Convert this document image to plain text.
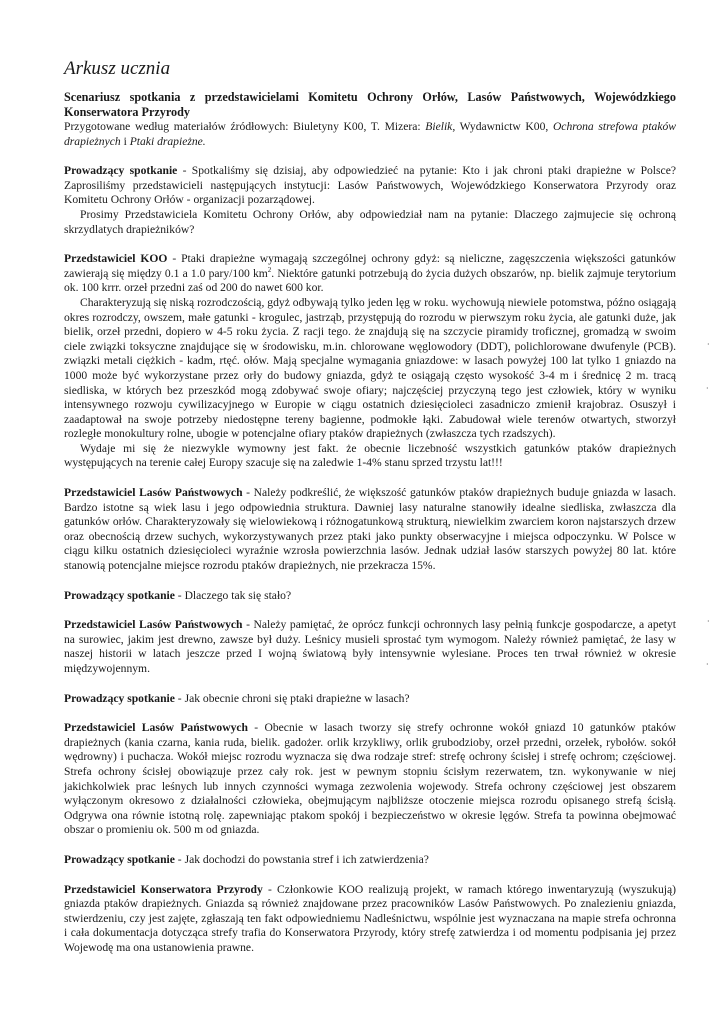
Arkusz ucznia

Scenariusz spotkania z przedstawicielami Komitetu Ochrony Orłów, Lasów Państwowych, Wojewódzkiego Konserwatora Przyrody

Przygotowane według materiałów źródłowych: Biuletyny K00, T. Mizera: Bielik, Wydawnictw K00, Ochrona strefowa ptaków drapieżnych i Ptaki drapieżne.

Prowadzący spotkanie - Spotkaliśmy się dzisiaj, aby odpowiedzieć na pytanie: Kto i jak chroni ptaki drapieżne w Polsce? Zaprosiliśmy przedstawicieli następujących instytucji: Lasów Państwowych, Wojewódzkiego Konserwatora Przyrody oraz Komitetu Ochrony Orłów - organizacji pozarządowej.

Prosimy Przedstawiciela Komitetu Ochrony Orłów, aby odpowiedział nam na pytanie: Dlaczego zajmujecie się ochroną skrzydlatych drapieżników?

Przedstawiciel KOO - Ptaki drapieżne wymagają szczególnej ochrony gdyż: są nieliczne, zagęszczenia większości gatunków zawierają się między 0.1 a 1.0 pary/100 $km^2$. Niektóre gatunki potrzebują do życia dużych obszarów, np. bielik zajmuje terytorium ok. 100 krrr. orzeł przedni zaś od 200 do nawet 600 kor.

Charakteryzują się niską rozrodczością, gdyż odbywają tylko jeden lęg w roku. wychowują niewiele potomstwa, późno osiągają okres rozrodczy, owszem, małe gatunki - krogulec, jastrząb, przystępują do rozrodu w pierwszym roku życia, ale gatunki duże, jak bielik, orzeł przedni, dopiero w 4-5 roku życia. Z racji tego. że znajdują się na szczycie piramidy troficznej, gromadzą w swoim ciele związki toksyczne znajdujące się w środowisku, m.in. chlorowane węglowodory (DDT), polichlorowane dwufenyle (PCB). związki metali ciężkich - kadm, rtęć. ołów. Mają specjalne wymagania gniazdowe: w lasach powyżej 100 lat tylko 1 gniazdo na 1000 może być wykorzystane przez orły do budowy gniazda, gdyż te osiągają często wysokość 3-4 m i średnicę 2 m. tracą siedliska, w których bez przeszkód mogą zdobywać swoje ofiary; najczęściej przyczyną tego jest człowiek, który w wyniku intensywnego rozwoju cywilizacyjnego w Europie w ciągu ostatnich dziesięcioleci zasadniczo zmienił krajobraz. Osuszył i zaadaptował na swoje potrzeby niedostępne tereny bagienne, podmokłe łąki. Zabudował wiele terenów otwartych, stworzył rozległe monokultury rolne, ubogie w potencjalne ofiary ptaków drapieżnych (zwłaszcza tych rzadszych).

Wydaje mi się że niezwykle wymowny jest fakt. że obecnie liczebność wszystkich gatunków ptaków drapieżnych występujących na terenie całej Europy szacuje się na zaledwie 1-4% stanu sprzed trzystu lat!!!

Przedstawiciel Lasów Państwowych - Należy podkreślić, że większość gatunków ptaków drapieżnych buduje gniazda w lasach. Bardzo istotne są wiek lasu i jego odpowiednia struktura. Dawniej lasy naturalne stanowiły idealne siedliska, zwłaszcza dla gatunków orłów. Charakteryzowały się wielowiekową i różnogatunkową strukturą, niewielkim zwarciem koron najstarszych drzew oraz obecnością drzew suchych, wykorzystywanych przez ptaki jako punkty obserwacyjne i miejsca odpoczynku. W Polsce w ciągu kilku ostatnich dziesięcioleci wyraźnie wzrosła powierzchnia lasów. Jednak udział lasów starszych powyżej 80 lat. które stanowią potencjalne miejsce rozrodu ptaków drapieżnych, nie przekracza 15%.

Prowadzący spotkanie - Dlaczego tak się stało?

Przedstawiciel Lasów Państwowych - Należy pamiętać, że oprócz funkcji ochronnych lasy pełnią funkcje gospodarcze, a apetyt na surowiec, jakim jest drewno, zawsze był duży. Leśnicy musieli sprostać tym wymogom. Należy również pamiętać, że lasy w naszej historii w latach jeszcze przed I wojną światową były intensywnie wylesiane. Proces ten trwał również w okresie międzywojennym.

Prowadzący spotkanie - Jak obecnie chroni się ptaki drapieżne w lasach?

Przedstawiciel Lasów Państwowych - Obecnie w lasach tworzy się strefy ochronne wokół gniazd 10 gatunków ptaków drapieżnych (kania czarna, kania ruda, bielik. gadożer. orlik krzykliwy, orlik grubodzioby, orzeł przedni, orzełek, rybołów. sokół wędrowny) i puchacza. Wokół miejsc rozrodu wyznacza się dwa rodzaje stref: strefę ochrony ścisłej i strefę ochrom; częściowej. Strefa ochrony ścisłej obowiązuje przez cały rok. jest w pewnym stopniu ścisłym rezerwatem, tzn. wykonywanie w niej jakichkolwiek prac leśnych lub innych czynności wymaga zezwolenia wojewody. Strefa ochrony częściowej jest obszarem wyłączonym okresowo z działalności człowieka, obejmującym najbliższe otoczenie miejsca rozrodu opisanego strefą ścisłą. Odgrywa ona równie istotną rolę. zapewniając ptakom spokój i bezpieczeństwo w okresie lęgów. Strefa ta powinna obejmować obszar o promieniu ok. 500 m od gniazda.

Prowadzący spotkanie - Jak dochodzi do powstania stref i ich zatwierdzenia?

Przedstawiciel Konserwatora Przyrody - Członkowie KOO realizują projekt, w ramach którego inwentaryzują (wyszukują) gniazda ptaków drapieżnych. Gniazda są również znajdowane przez pracowników Lasów Państwowych. Po znalezieniu gniazda, stwierdzeniu, czy jest zajęte, zgłaszają ten fakt odpowiedniemu Nadleśnictwu, wspólnie jest wyznaczana na mapie strefa ochronna i cała dokumentacja dotycząca strefy trafia do Konserwatora Przyrody, który strefę zatwierdza i od momentu podpisania jej przez Wojewodę ma ona ustanowienia prawne.

·
·
·
·
